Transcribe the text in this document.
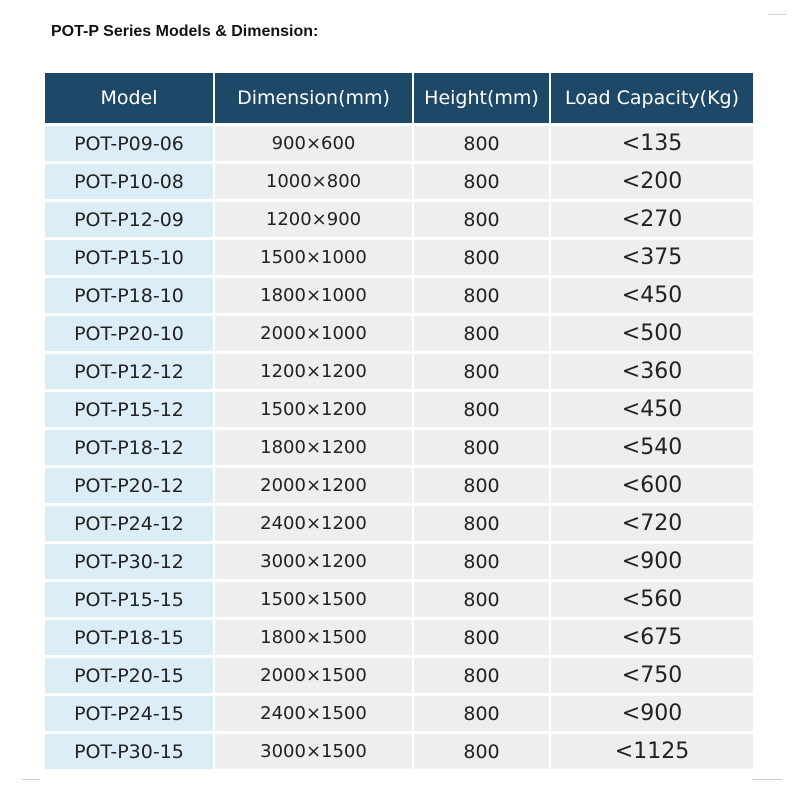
POT-P Series Models & Dimension:
Model	Dimension(mm)	Height(mm)	Load Capacity(Kg)
POT-P09-06	900×600	800	<135
POT-P10-08	1000×800	800	<200
POT-P12-09	1200×900	800	<270
POT-P15-10	1500×1000	800	<375
POT-P18-10	1800×1000	800	<450
POT-P20-10	2000×1000	800	<500
POT-P12-12	1200×1200	800	<360
POT-P15-12	1500×1200	800	<450
POT-P18-12	1800×1200	800	<540
POT-P20-12	2000×1200	800	<600
POT-P24-12	2400×1200	800	<720
POT-P30-12	3000×1200	800	<900
POT-P15-15	1500×1500	800	<560
POT-P18-15	1800×1500	800	<675
POT-P20-15	2000×1500	800	<750
POT-P24-15	2400×1500	800	<900
POT-P30-15	3000×1500	800	<1125
